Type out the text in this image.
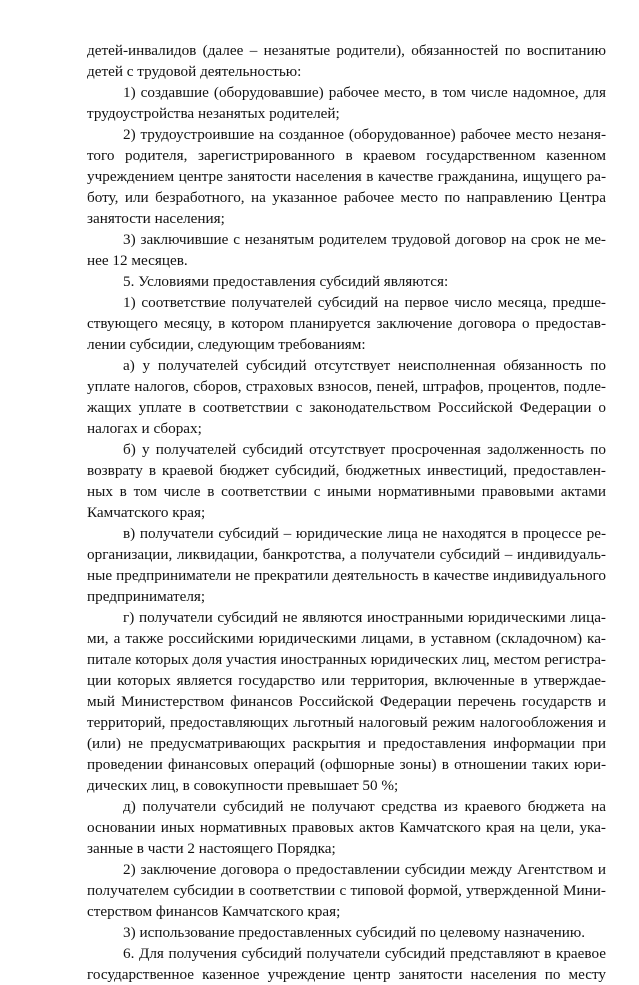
детей-инвалидов (далее – незанятые родители), обязанностей по воспитанию
детей с трудовой деятельностью:
1) создавшие (оборудовавшие) рабочее место, в том числе надомное, для
трудоустройства незанятых родителей;
2) трудоустроившие на созданное (оборудованное) рабочее место незаня-
того родителя, зарегистрированного в краевом государственном казенном
учреждением центре занятости населения в качестве гражданина, ищущего ра-
боту, или безработного, на указанное рабочее место по направлению Центра
занятости населения;
3) заключившие с незанятым родителем трудовой договор на срок не ме-
нее 12 месяцев.
5. Условиями предоставления субсидий являются:
1) соответствие получателей субсидий на первое число месяца, предше-
ствующего месяцу, в котором планируется заключение договора о предостав-
лении субсидии, следующим требованиям:
а) у получателей субсидий отсутствует неисполненная обязанность по
уплате налогов, сборов, страховых взносов, пеней, штрафов, процентов, подле-
жащих уплате в соответствии с законодательством Российской Федерации о
налогах и сборах;
б) у получателей субсидий отсутствует просроченная задолженность по
возврату в краевой бюджет субсидий, бюджетных инвестиций, предоставлен-
ных в том числе в соответствии с иными нормативными правовыми актами
Камчатского края;
в) получатели субсидий – юридические лица не находятся в процессе ре-
организации, ликвидации, банкротства, а получатели субсидий – индивидуаль-
ные предприниматели не прекратили деятельность в качестве индивидуального
предпринимателя;
г) получатели субсидий не являются иностранными юридическими лица-
ми, а также российскими юридическими лицами, в уставном (складочном) ка-
питале которых доля участия иностранных юридических лиц, местом регистра-
ции которых является государство или территория, включенные в утверждае-
мый Министерством финансов Российской Федерации перечень государств и
территорий, предоставляющих льготный налоговый режим налогообложения и
(или) не предусматривающих раскрытия и предоставления информации при
проведении финансовых операций (офшорные зоны) в отношении таких юри-
дических лиц, в совокупности превышает 50 %;
д) получатели субсидий не получают средства из краевого бюджета на
основании иных нормативных правовых актов Камчатского края на цели, ука-
занные в части 2 настоящего Порядка;
2) заключение договора о предоставлении субсидии между Агентством и
получателем субсидии в соответствии с типовой формой, утвержденной Мини-
стерством финансов Камчатского края;
3) использование предоставленных субсидий по целевому назначению.
6. Для получения субсидий получатели субсидий представляют в краевое
государственное казенное учреждение центр занятости населения по месту
